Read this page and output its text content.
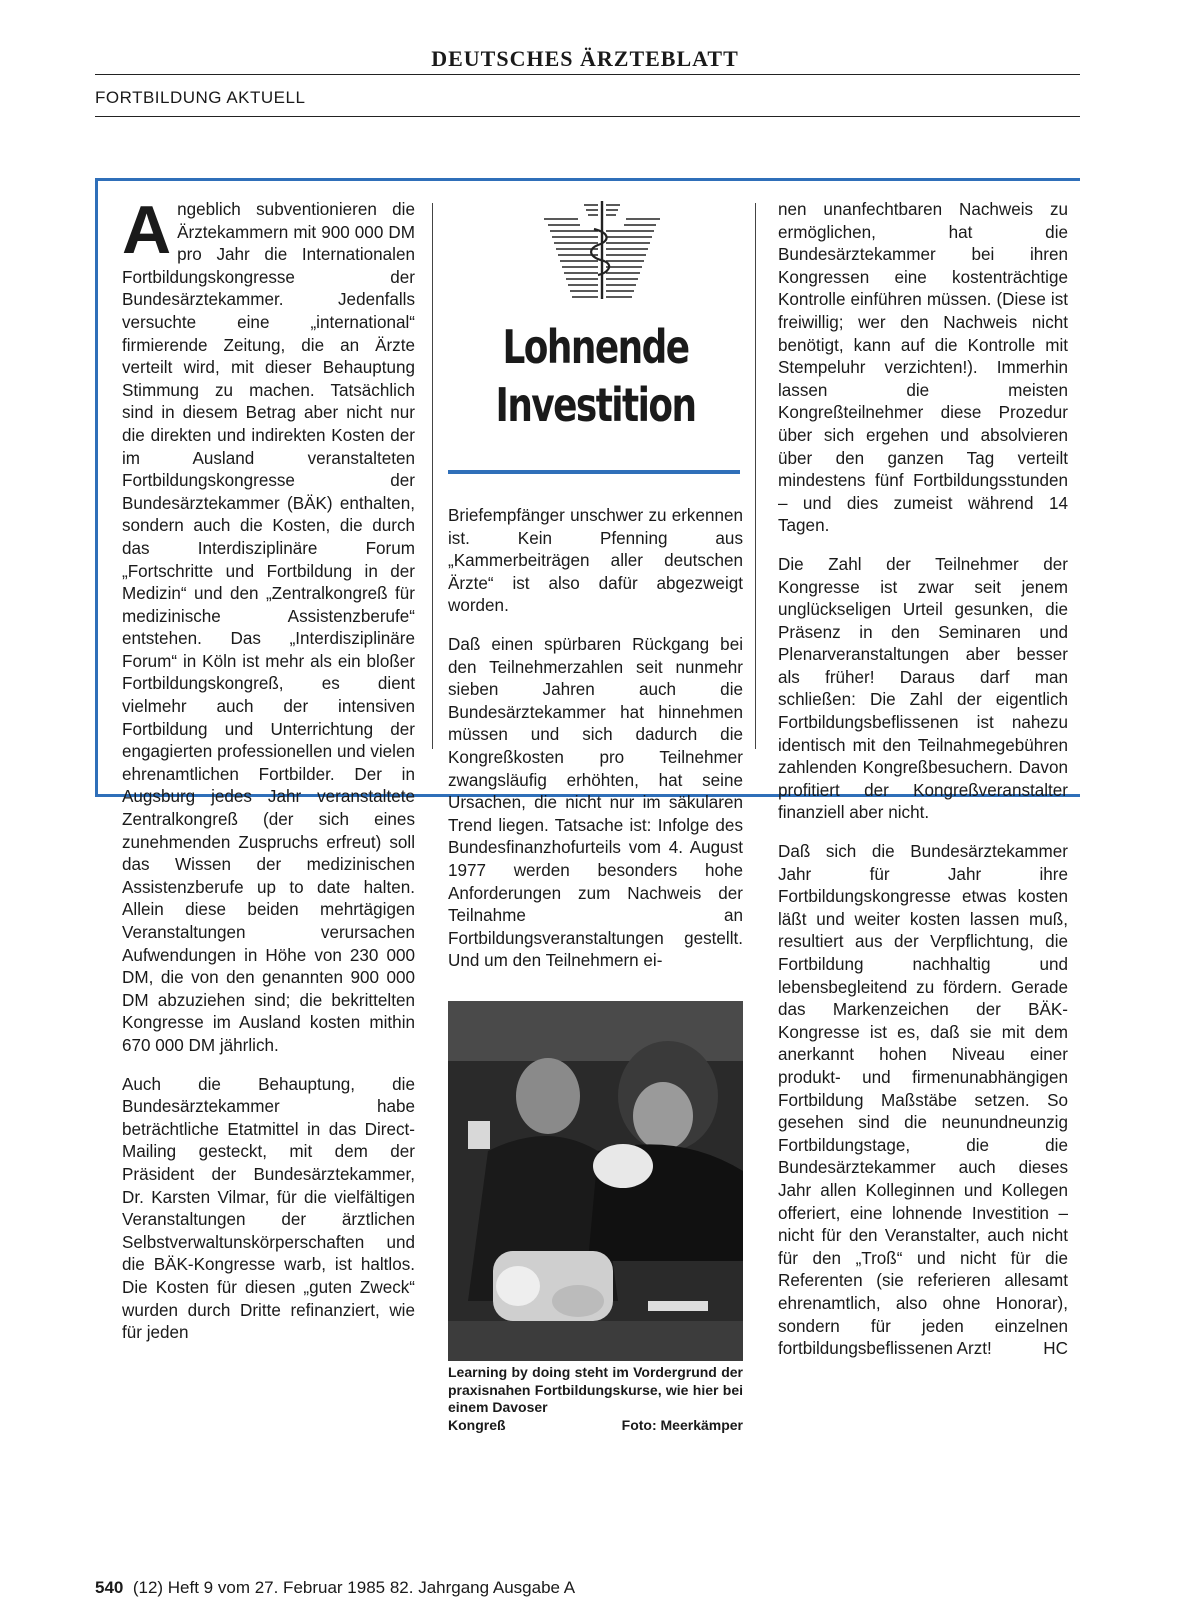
DEUTSCHES ÄRZTEBLATT
FORTBILDUNG AKTUELL

Angeblich subventionieren die Ärztekammern mit 900 000 DM pro Jahr die Internationalen Fortbildungskongresse der Bundesärztekammer. Jedenfalls versuchte eine „international“ firmierende Zeitung, die an Ärzte verteilt wird, mit dieser Behauptung Stimmung zu machen. Tatsächlich sind in diesem Betrag aber nicht nur die direkten und indirekten Kosten der im Ausland veranstalteten Fortbildungskongresse der Bundesärztekammer (BÄK) enthalten, sondern auch die Kosten, die durch das Interdisziplinäre Forum „Fortschritte und Fortbildung in der Medizin“ und den „Zentralkongreß für medizinische Assistenzberufe“ entstehen. Das „Interdisziplinäre Forum“ in Köln ist mehr als ein bloßer Fortbildungskongreß, es dient vielmehr auch der intensiven Fortbildung und Unterrichtung der engagierten professionellen und vielen ehrenamtlichen Fortbilder. Der in Augsburg jedes Jahr veranstaltete Zentralkongreß (der sich eines zunehmenden Zuspruchs erfreut) soll das Wissen der medizinischen Assistenzberufe up to date halten. Allein diese beiden mehrtägigen Veranstaltungen verursachen Aufwendungen in Höhe von 230 000 DM, die von den genannten 900 000 DM abzuziehen sind; die bekrittelten Kongresse im Ausland kosten mithin 670 000 DM jährlich.

Auch die Behauptung, die Bundesärztekammer habe beträchtliche Etatmittel in das Direct-Mailing gesteckt, mit dem der Präsident der Bundesärztekammer, Dr. Karsten Vilmar, für die vielfältigen Veranstaltungen der ärztlichen Selbstverwaltunskörperschaften und die BÄK-Kongresse warb, ist haltlos. Die Kosten für diesen „guten Zweck“ wurden durch Dritte refinanziert, wie für jeden

Lohnende
Investition

Briefempfänger unschwer zu erkennen ist. Kein Pfenning aus „Kammerbeiträgen aller deutschen Ärzte“ ist also dafür abgezweigt worden.

Daß einen spürbaren Rückgang bei den Teilnehmerzahlen seit nunmehr sieben Jahren auch die Bundesärztekammer hat hinnehmen müssen und sich dadurch die Kongreßkosten pro Teilnehmer zwangsläufig erhöhten, hat seine Ursachen, die nicht nur im säkularen Trend liegen. Tatsache ist: Infolge des Bundesfinanzhofurteils vom 4. August 1977 werden besonders hohe Anforderungen zum Nachweis der Teilnahme an Fortbildungsveranstaltungen gestellt. Und um den Teilnehmern ei-

Learning by doing steht im Vordergrund der praxisnahen Fortbildungskurse, wie hier bei einem Davoser
Kongreß	Foto: Meerkämper

nen unanfechtbaren Nachweis zu ermöglichen, hat die Bundesärztekammer bei ihren Kongressen eine kostenträchtige Kontrolle einführen müssen. (Diese ist freiwillig; wer den Nachweis nicht benötigt, kann auf die Kontrolle mit Stempeluhr verzichten!). Immerhin lassen die meisten Kongreßteilnehmer diese Prozedur über sich ergehen und absolvieren über den ganzen Tag verteilt mindestens fünf Fortbildungsstunden – und dies zumeist während 14 Tagen.

Die Zahl der Teilnehmer der Kongresse ist zwar seit jenem unglückseligen Urteil gesunken, die Präsenz in den Seminaren und Plenarveranstaltungen aber besser als früher! Daraus darf man schließen: Die Zahl der eigentlich Fortbildungsbeflissenen ist nahezu identisch mit den Teilnahmegebühren zahlenden Kongreßbesuchern. Davon profitiert der Kongreßveranstalter finanziell aber nicht.

Daß sich die Bundesärztekammer Jahr für Jahr ihre Fortbildungskongresse etwas kosten läßt und weiter kosten lassen muß, resultiert aus der Verpflichtung, die Fortbildung nachhaltig und lebensbegleitend zu fördern. Gerade das Markenzeichen der BÄK-Kongresse ist es, daß sie mit dem anerkannt hohen Niveau einer produkt- und firmenunabhängigen Fortbildung Maßstäbe setzen. So gesehen sind die neunundneunzig Fortbildungstage, die die Bundesärztekammer auch dieses Jahr allen Kolleginnen und Kollegen offeriert, eine lohnende Investition – nicht für den Veranstalter, auch nicht für den „Troß“ und nicht für die Referenten (sie referieren allesamt ehrenamtlich, also ohne Honorar), sondern für jeden einzelnen fortbildungsbeflissenen Arzt!	HC

540 (12) Heft 9 vom 27. Februar 1985 82. Jahrgang Ausgabe A
